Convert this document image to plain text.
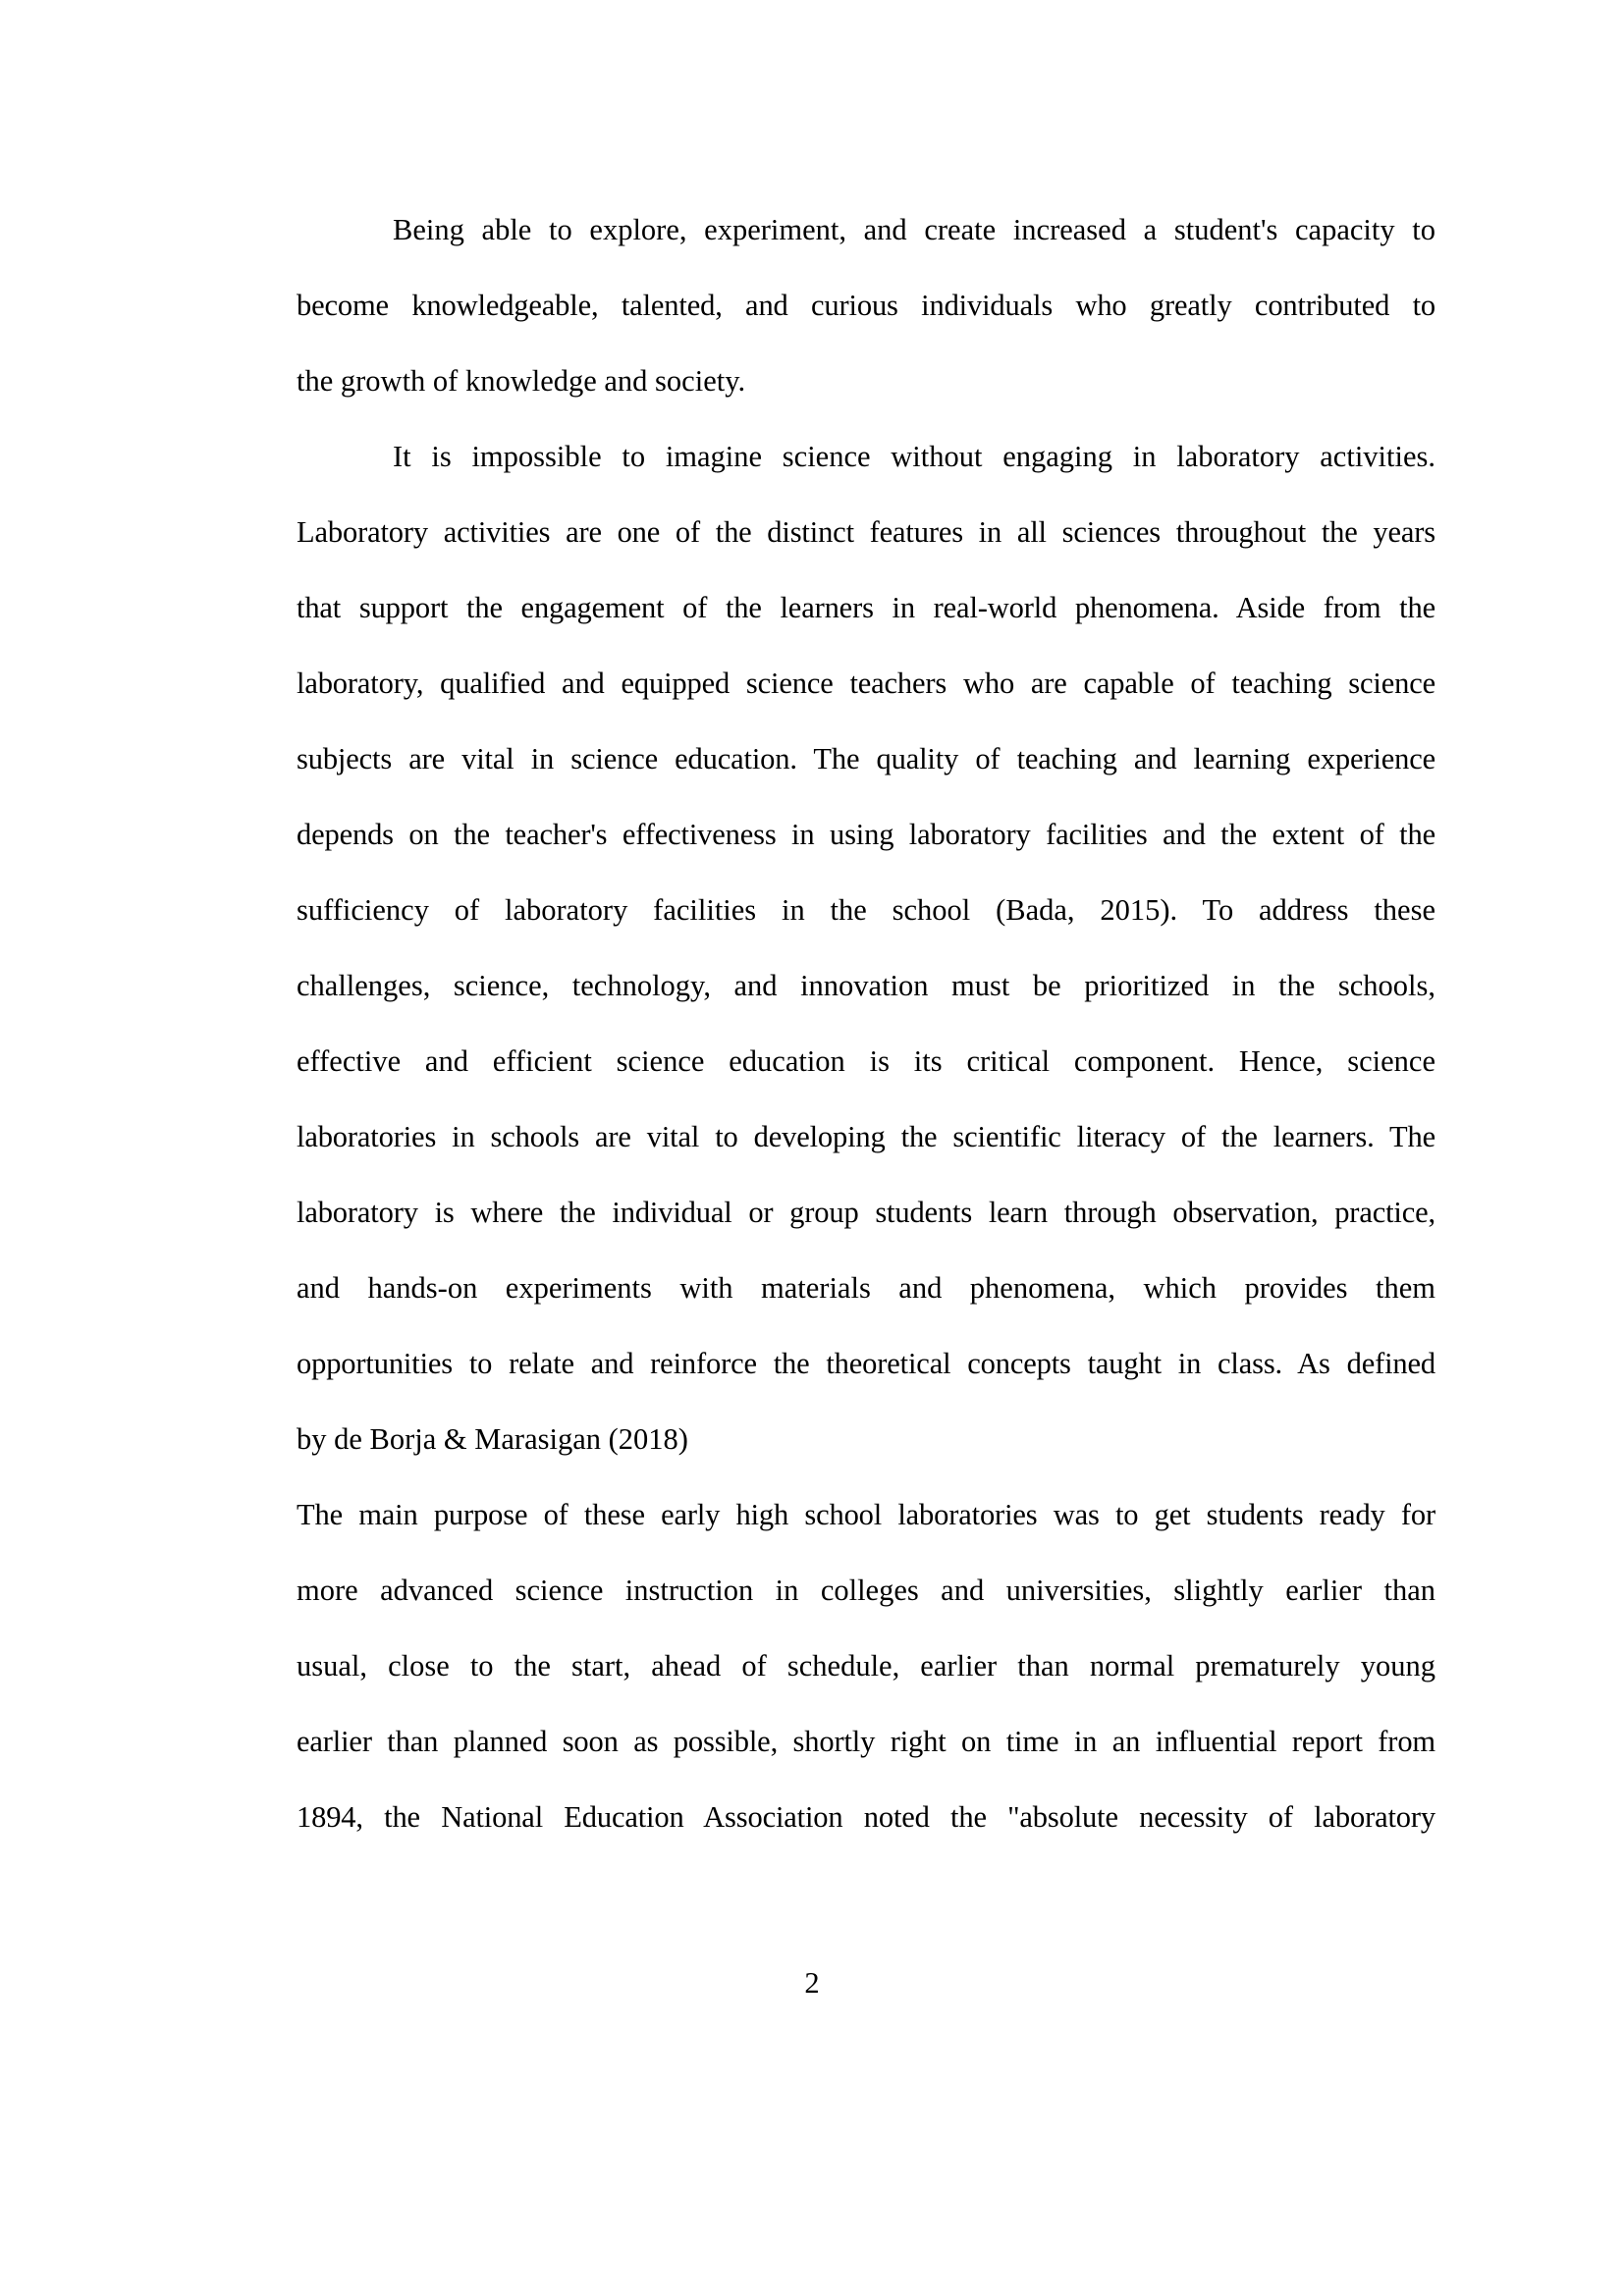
Being able to explore, experiment, and create increased a student's capacity to
become knowledgeable, talented, and curious individuals who greatly contributed to
the growth of knowledge and society.
It is impossible to imagine science without engaging in laboratory activities.
Laboratory activities are one of the distinct features in all sciences throughout the years
that support the engagement of the learners in real-world phenomena. Aside from the
laboratory, qualified and equipped science teachers who are capable of teaching science
subjects are vital in science education. The quality of teaching and learning experience
depends on the teacher's effectiveness in using laboratory facilities and the extent of the
sufficiency of laboratory facilities in the school (Bada, 2015). To address these
challenges, science, technology, and innovation must be prioritized in the schools,
effective and efficient science education is its critical component. Hence, science
laboratories in schools are vital to developing the scientific literacy of the learners. The
laboratory is where the individual or group students learn through observation, practice,
and hands-on experiments with materials and phenomena, which provides them
opportunities to relate and reinforce the theoretical concepts taught in class. As defined
by de Borja & Marasigan (2018)
The main purpose of these early high school laboratories was to get students ready for
more advanced science instruction in colleges and universities, slightly earlier than
usual, close to the start, ahead of schedule, earlier than normal prematurely young
earlier than planned soon as possible, shortly right on time in an influential report from
1894, the National Education Association noted the "absolute necessity of laboratory
2
